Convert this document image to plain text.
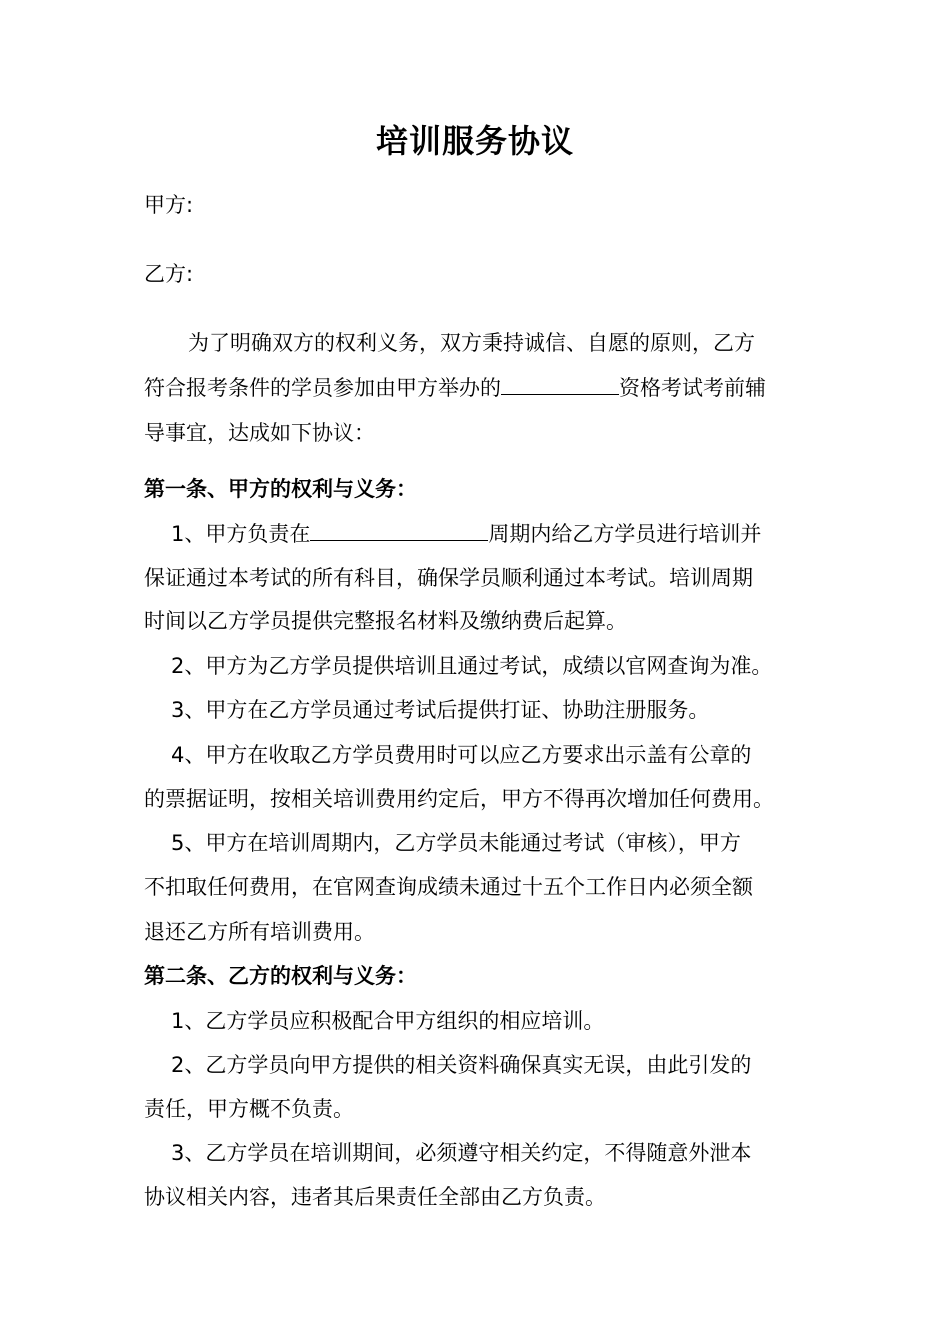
培训服务协议
甲方:
乙方:
为了明确双方的权利义务，双方秉持诚信、自愿的原则，乙方
符合报考条件的学员参加由甲方举办的	资格考试考前辅
导事宜，达成如下协议：
第一条、甲方的权利与义务：
1、甲方负责在	周期内给乙方学员进行培训并
保证通过本考试的所有科目，确保学员顺利通过本考试。培训周期
时间以乙方学员提供完整报名材料及缴纳费后起算。
2、甲方为乙方学员提供培训且通过考试，成绩以官网查询为准。
3、甲方在乙方学员通过考试后提供打证、协助注册服务。
4、甲方在收取乙方学员费用时可以应乙方要求出示盖有公章的
的票据证明，按相关培训费用约定后，甲方不得再次增加任何费用。
5、甲方在培训周期内，乙方学员未能通过考试（审核），甲方
不扣取任何费用，在官网查询成绩未通过十五个工作日内必须全额
退还乙方所有培训费用。
第二条、乙方的权利与义务：
1、乙方学员应积极配合甲方组织的相应培训。
2、乙方学员向甲方提供的相关资料确保真实无误，由此引发的
责任，甲方概不负责。
3、乙方学员在培训期间，必须遵守相关约定，不得随意外泄本
协议相关内容，违者其后果责任全部由乙方负责。
